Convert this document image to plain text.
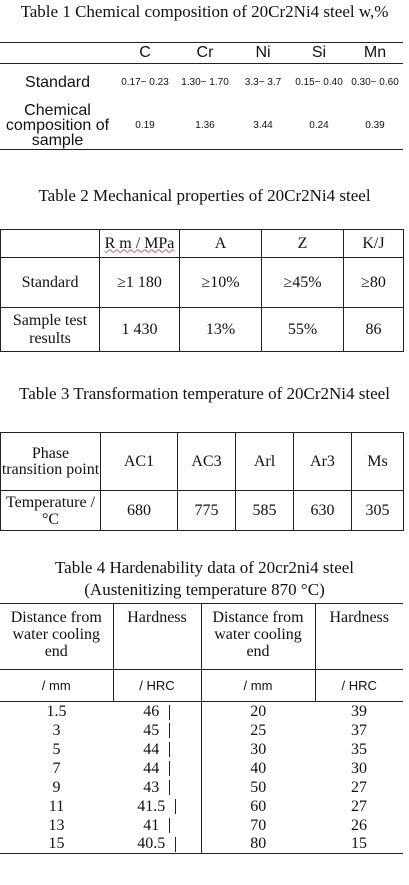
Table 1 Chemical composition of 20Cr2Ni4 steel w,%
	C	Cr	Ni	Si	Mn
Standard	0.17~ 0.23	1.30~ 1.70	3.3~ 3.7	0.15~ 0.40	0.30~ 0.60
Chemical composition of sample	0.19	1.36	3.44	0.24	0.39
Table 2 Mechanical properties of 20Cr2Ni4 steel
	R m / MPa	A	Z	K/J
Standard	≥1 180	≥10%	≥45%	≥80
Sample test results	1 430	13%	55%	86
Table 3 Transformation temperature of 20Cr2Ni4 steel
Phase transition point	AC1	AC3	Arl	Ar3	Ms
Temperature / °C	680	775	585	630	305
Table 4 Hardenability data of 20cr2ni4 steel
(Austenitizing temperature 870 °C)
Distance from water cooling end	Hardness	Distance from water cooling end	Hardness
/ mm	/ HRC	/ mm	/ HRC
1.5	46	20	39
3	45	25	37
5	44	30	35
7	44	40	30
9	43	50	27
11	41.5	60	27
13	41	70	26
15	40.5	80	15
